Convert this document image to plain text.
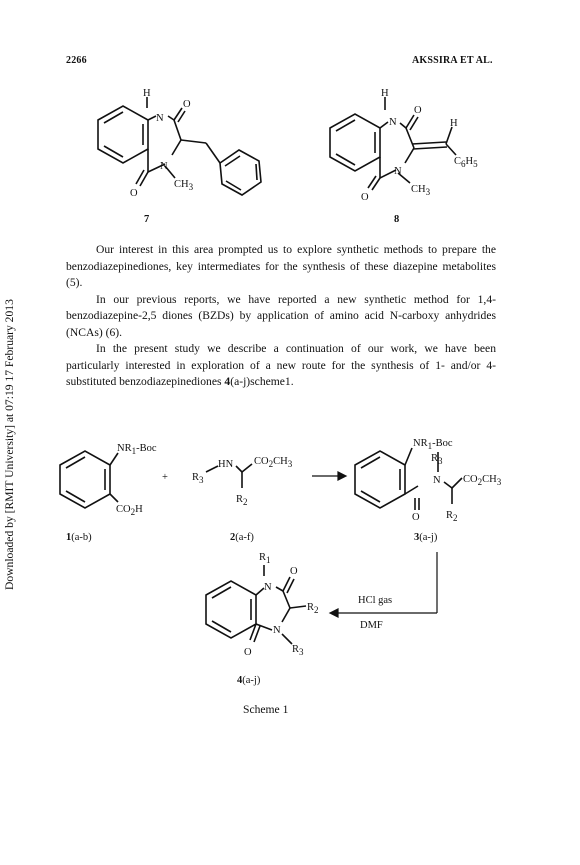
2266	AKSSIRA ET AL.
Downloaded by [RMIT University] at 07:19 17 February 2013
H
N
O
N
CH3
O
7
H
N
O
H
C6H5
N
CH3
O
8

Our interest in this area prompted us to explore synthetic methods to prepare the benzodiazepinediones, key intermediates for the synthesis of these diazepine metabolites (5).

In our previous reports, we have reported a new synthetic method for 1,4-benzodiazepine-2,5 diones (BZDs) by application of amino acid N-carboxy anhydrides (NCAs) (6).

In the present study we describe a continuation of our work, we have been particularly interested in exploration of a new route for the synthesis of 1- and/or 4-substituted benzodiazepinediones 4(a-j)scheme1.

NR1-Boc
CO2H
1(a-b)
+ R3
HN CO2CH3
R2
2(a-f)
NR1-Boc
R3
N CO2CH3
O	R2
3(a-j)
HCl gas
DMF
R1
N
O
R2
N
R3
O
4(a-j)
Scheme 1
